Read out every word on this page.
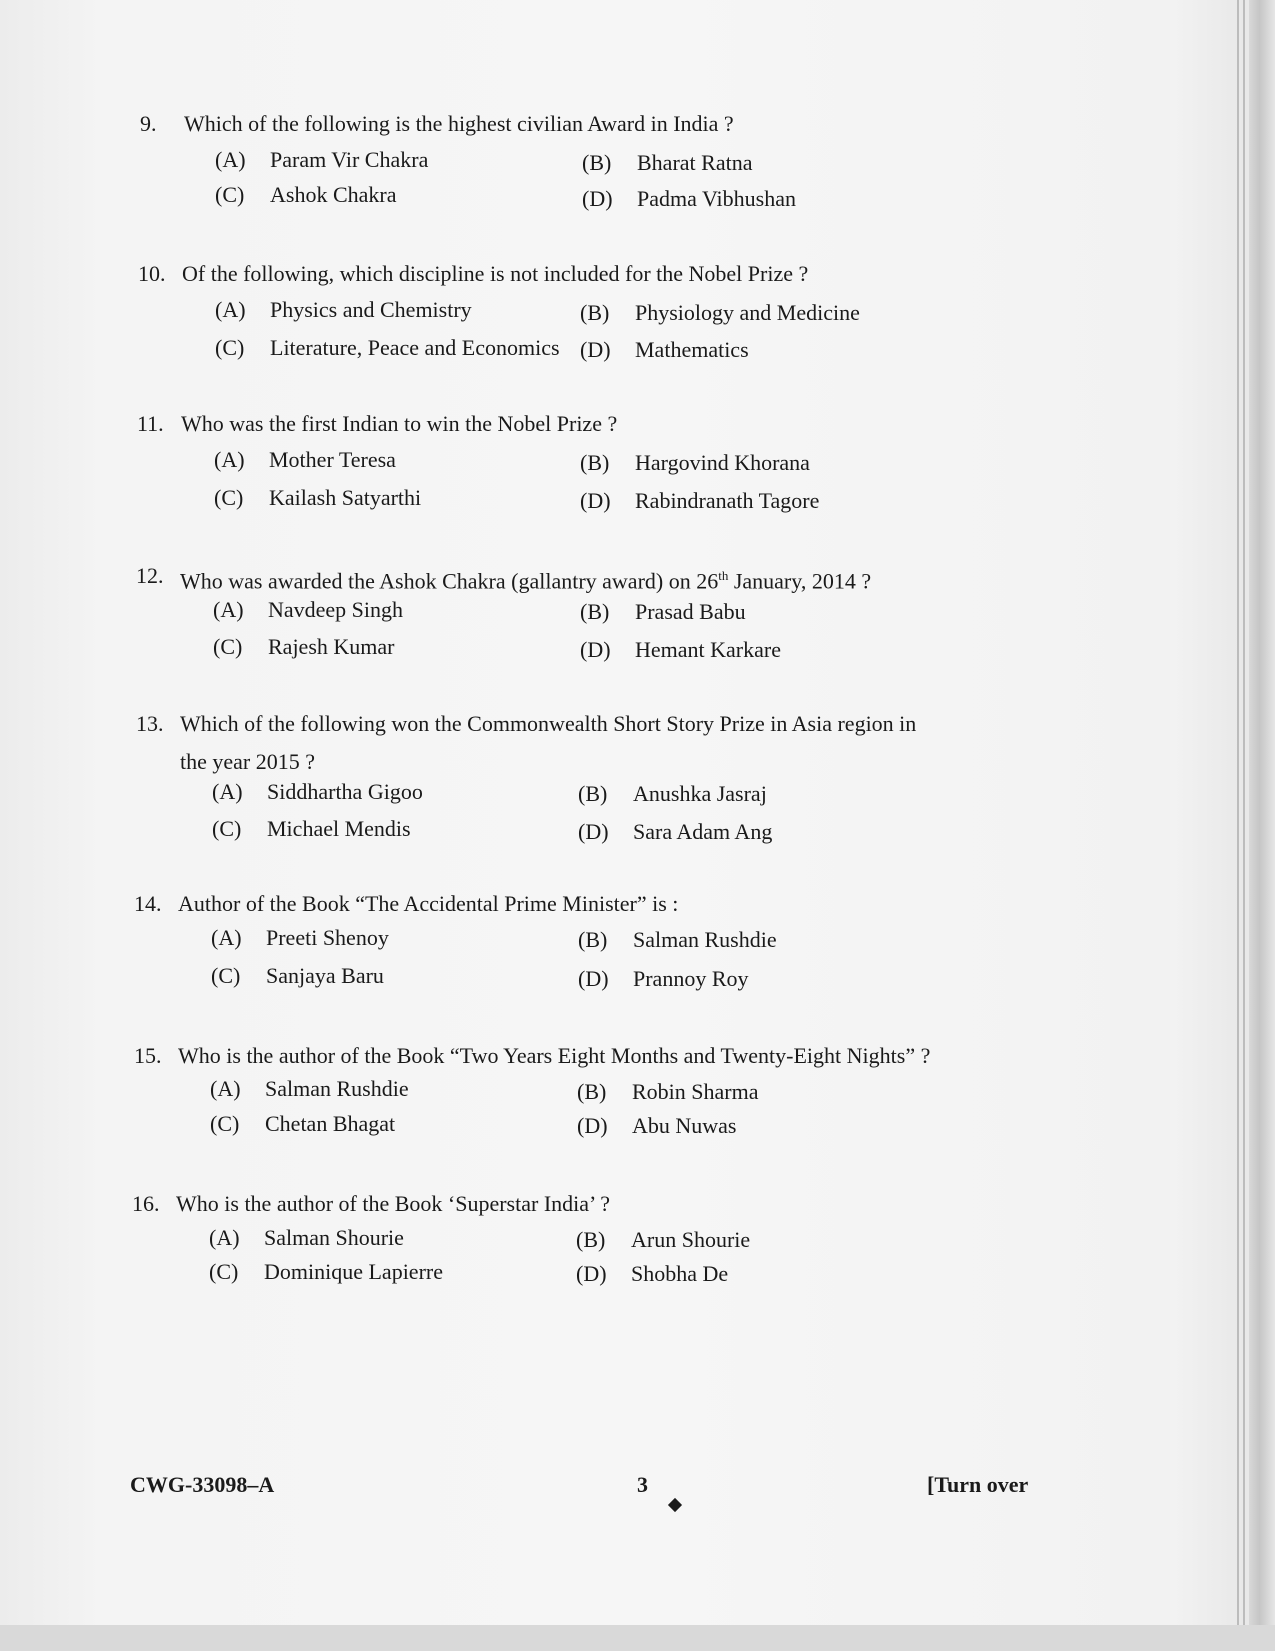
9. Which of the following is the highest civilian Award in India ?
(A) Param Vir Chakra	(B) Bharat Ratna
(C) Ashok Chakra	(D) Padma Vibhushan
10. Of the following, which discipline is not included for the Nobel Prize ?
(A) Physics and Chemistry	(B) Physiology and Medicine
(C) Literature, Peace and Economics (D) Mathematics
11. Who was the first Indian to win the Nobel Prize ?
(A) Mother Teresa	(B) Hargovind Khorana
(C) Kailash Satyarthi	(D) Rabindranath Tagore
12. Who was awarded the Ashok Chakra (gallantry award) on 26th January, 2014 ?
(A) Navdeep Singh	(B) Prasad Babu
(C) Rajesh Kumar	(D) Hemant Karkare
13. Which of the following won the Commonwealth Short Story Prize in Asia region in
the year 2015 ?
(A) Siddhartha Gigoo	(B) Anushka Jasraj
(C) Michael Mendis	(D) Sara Adam Ang
14. Author of the Book “The Accidental Prime Minister” is :
(A) Preeti Shenoy	(B) Salman Rushdie
(C) Sanjaya Baru	(D) Prannoy Roy
15. Who is the author of the Book “Two Years Eight Months and Twenty-Eight Nights” ?
(A) Salman Rushdie	(B) Robin Sharma
(C) Chetan Bhagat	(D) Abu Nuwas
16. Who is the author of the Book ‘Superstar India’ ?
(A) Salman Shourie	(B) Arun Shourie
(C) Dominique Lapierre	(D) Shobha De
CWG-33098–A	3	[Turn over
